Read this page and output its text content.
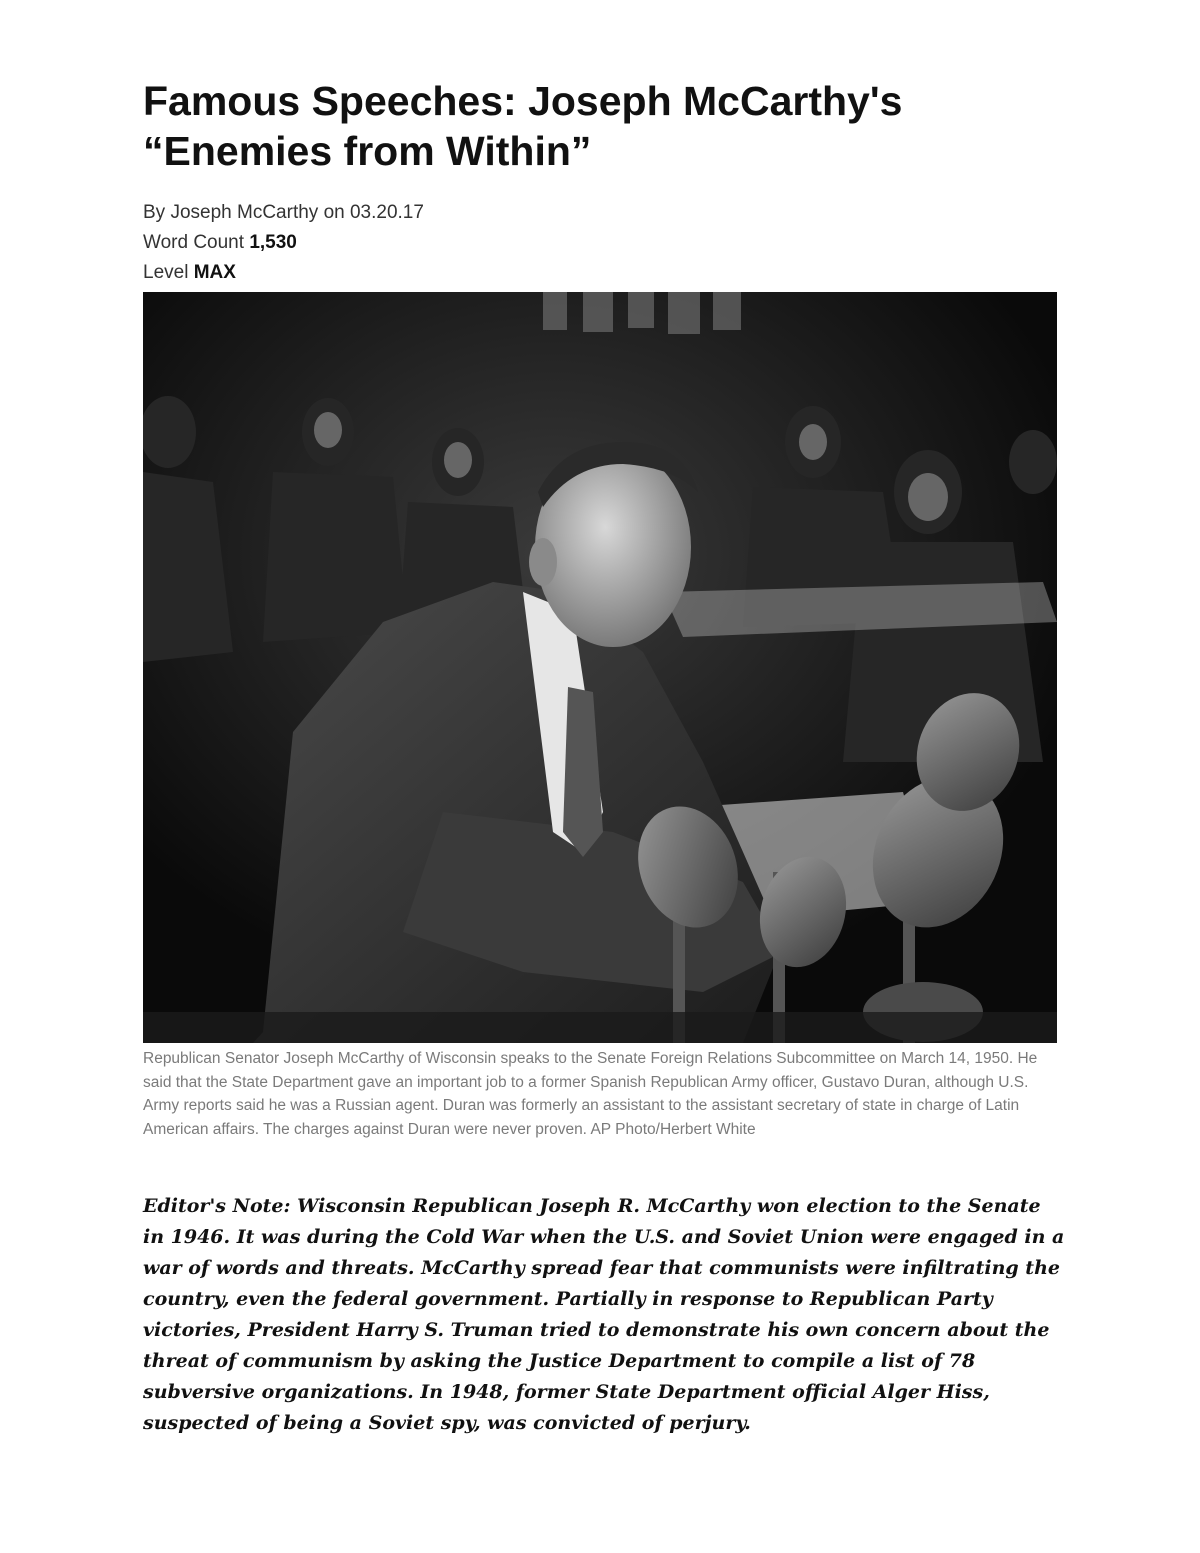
Famous Speeches: Joseph McCarthy's
“Enemies from Within”
By Joseph McCarthy on 03.20.17
Word Count 1,530
Level MAX
Republican Senator Joseph McCarthy of Wisconsin speaks to the Senate Foreign Relations Subcommittee on March 14, 1950. He said that the State Department gave an important job to a former Spanish Republican Army officer, Gustavo Duran, although U.S. Army reports said he was a Russian agent. Duran was formerly an assistant to the assistant secretary of state in charge of Latin American affairs. The charges against Duran were never proven. AP Photo/Herbert White
Editor's Note: Wisconsin Republican Joseph R. McCarthy won election to the Senate in 1946. It was during the Cold War when the U.S. and Soviet Union were engaged in a war of words and threats. McCarthy spread fear that communists were infiltrating the country, even the federal government. Partially in response to Republican Party victories, President Harry S. Truman tried to demonstrate his own concern about the threat of communism by asking the Justice Department to compile a list of 78 subversive organizations. In 1948, former State Department official Alger Hiss, suspected of being a Soviet spy, was convicted of perjury.
